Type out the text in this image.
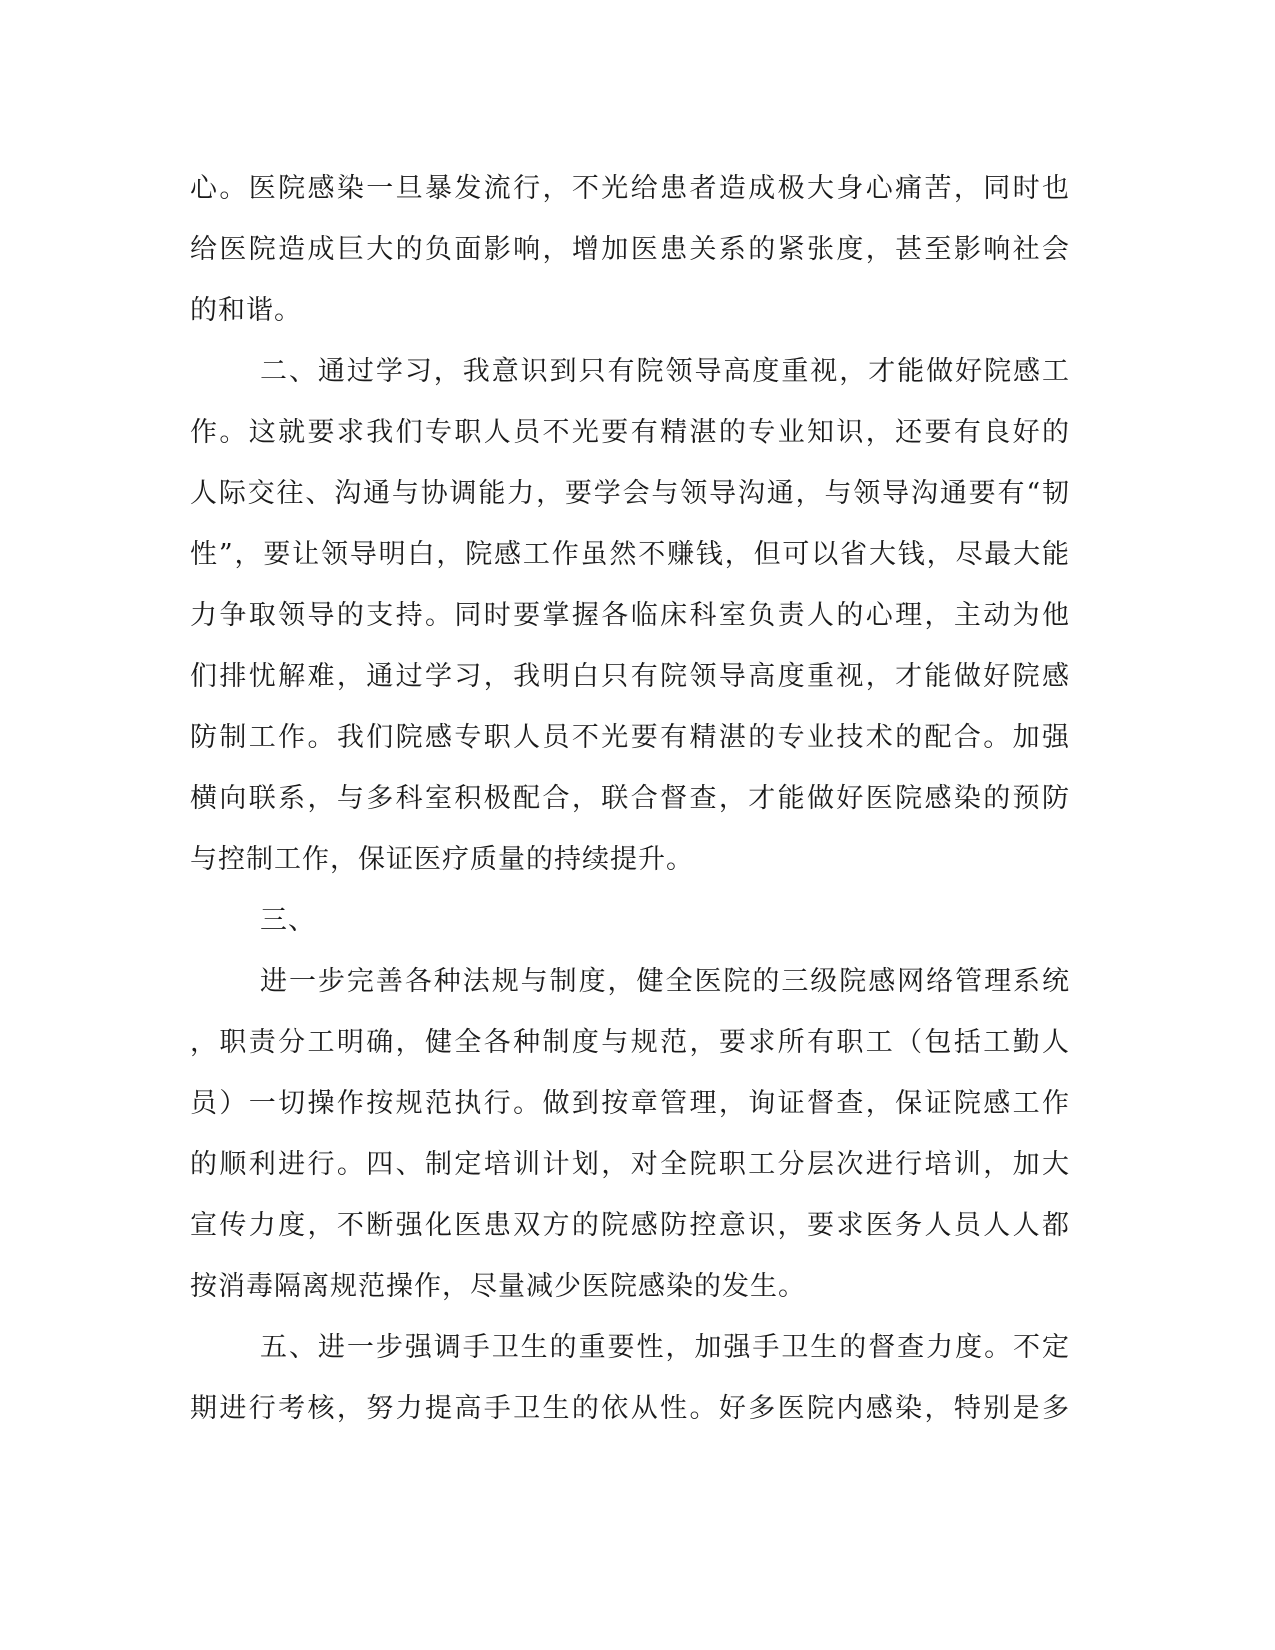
心。医院感染一旦暴发流行，不光给患者造成极大身心痛苦，同时也
给医院造成巨大的负面影响，增加医患关系的紧张度，甚至影响社会
的和谐。
二、通过学习，我意识到只有院领导高度重视，才能做好院感工
作。这就要求我们专职人员不光要有精湛的专业知识，还要有良好的
人际交往、沟通与协调能力，要学会与领导沟通，与领导沟通要有“韧
性”，要让领导明白，院感工作虽然不赚钱，但可以省大钱，尽最大能
力争取领导的支持。同时要掌握各临床科室负责人的心理，主动为他
们排忧解难，通过学习，我明白只有院领导高度重视，才能做好院感
防制工作。我们院感专职人员不光要有精湛的专业技术的配合。加强
横向联系，与多科室积极配合，联合督查，才能做好医院感染的预防
与控制工作，保证医疗质量的持续提升。
三、
进一步完善各种法规与制度，健全医院的三级院感网络管理系统
，职责分工明确，健全各种制度与规范，要求所有职工（包括工勤人
员）一切操作按规范执行。做到按章管理，询证督查，保证院感工作
的顺利进行。四、制定培训计划，对全院职工分层次进行培训，加大
宣传力度，不断强化医患双方的院感防控意识，要求医务人员人人都
按消毒隔离规范操作，尽量减少医院感染的发生。
五、进一步强调手卫生的重要性，加强手卫生的督查力度。不定
期进行考核，努力提高手卫生的依从性。好多医院内感染，特别是多
